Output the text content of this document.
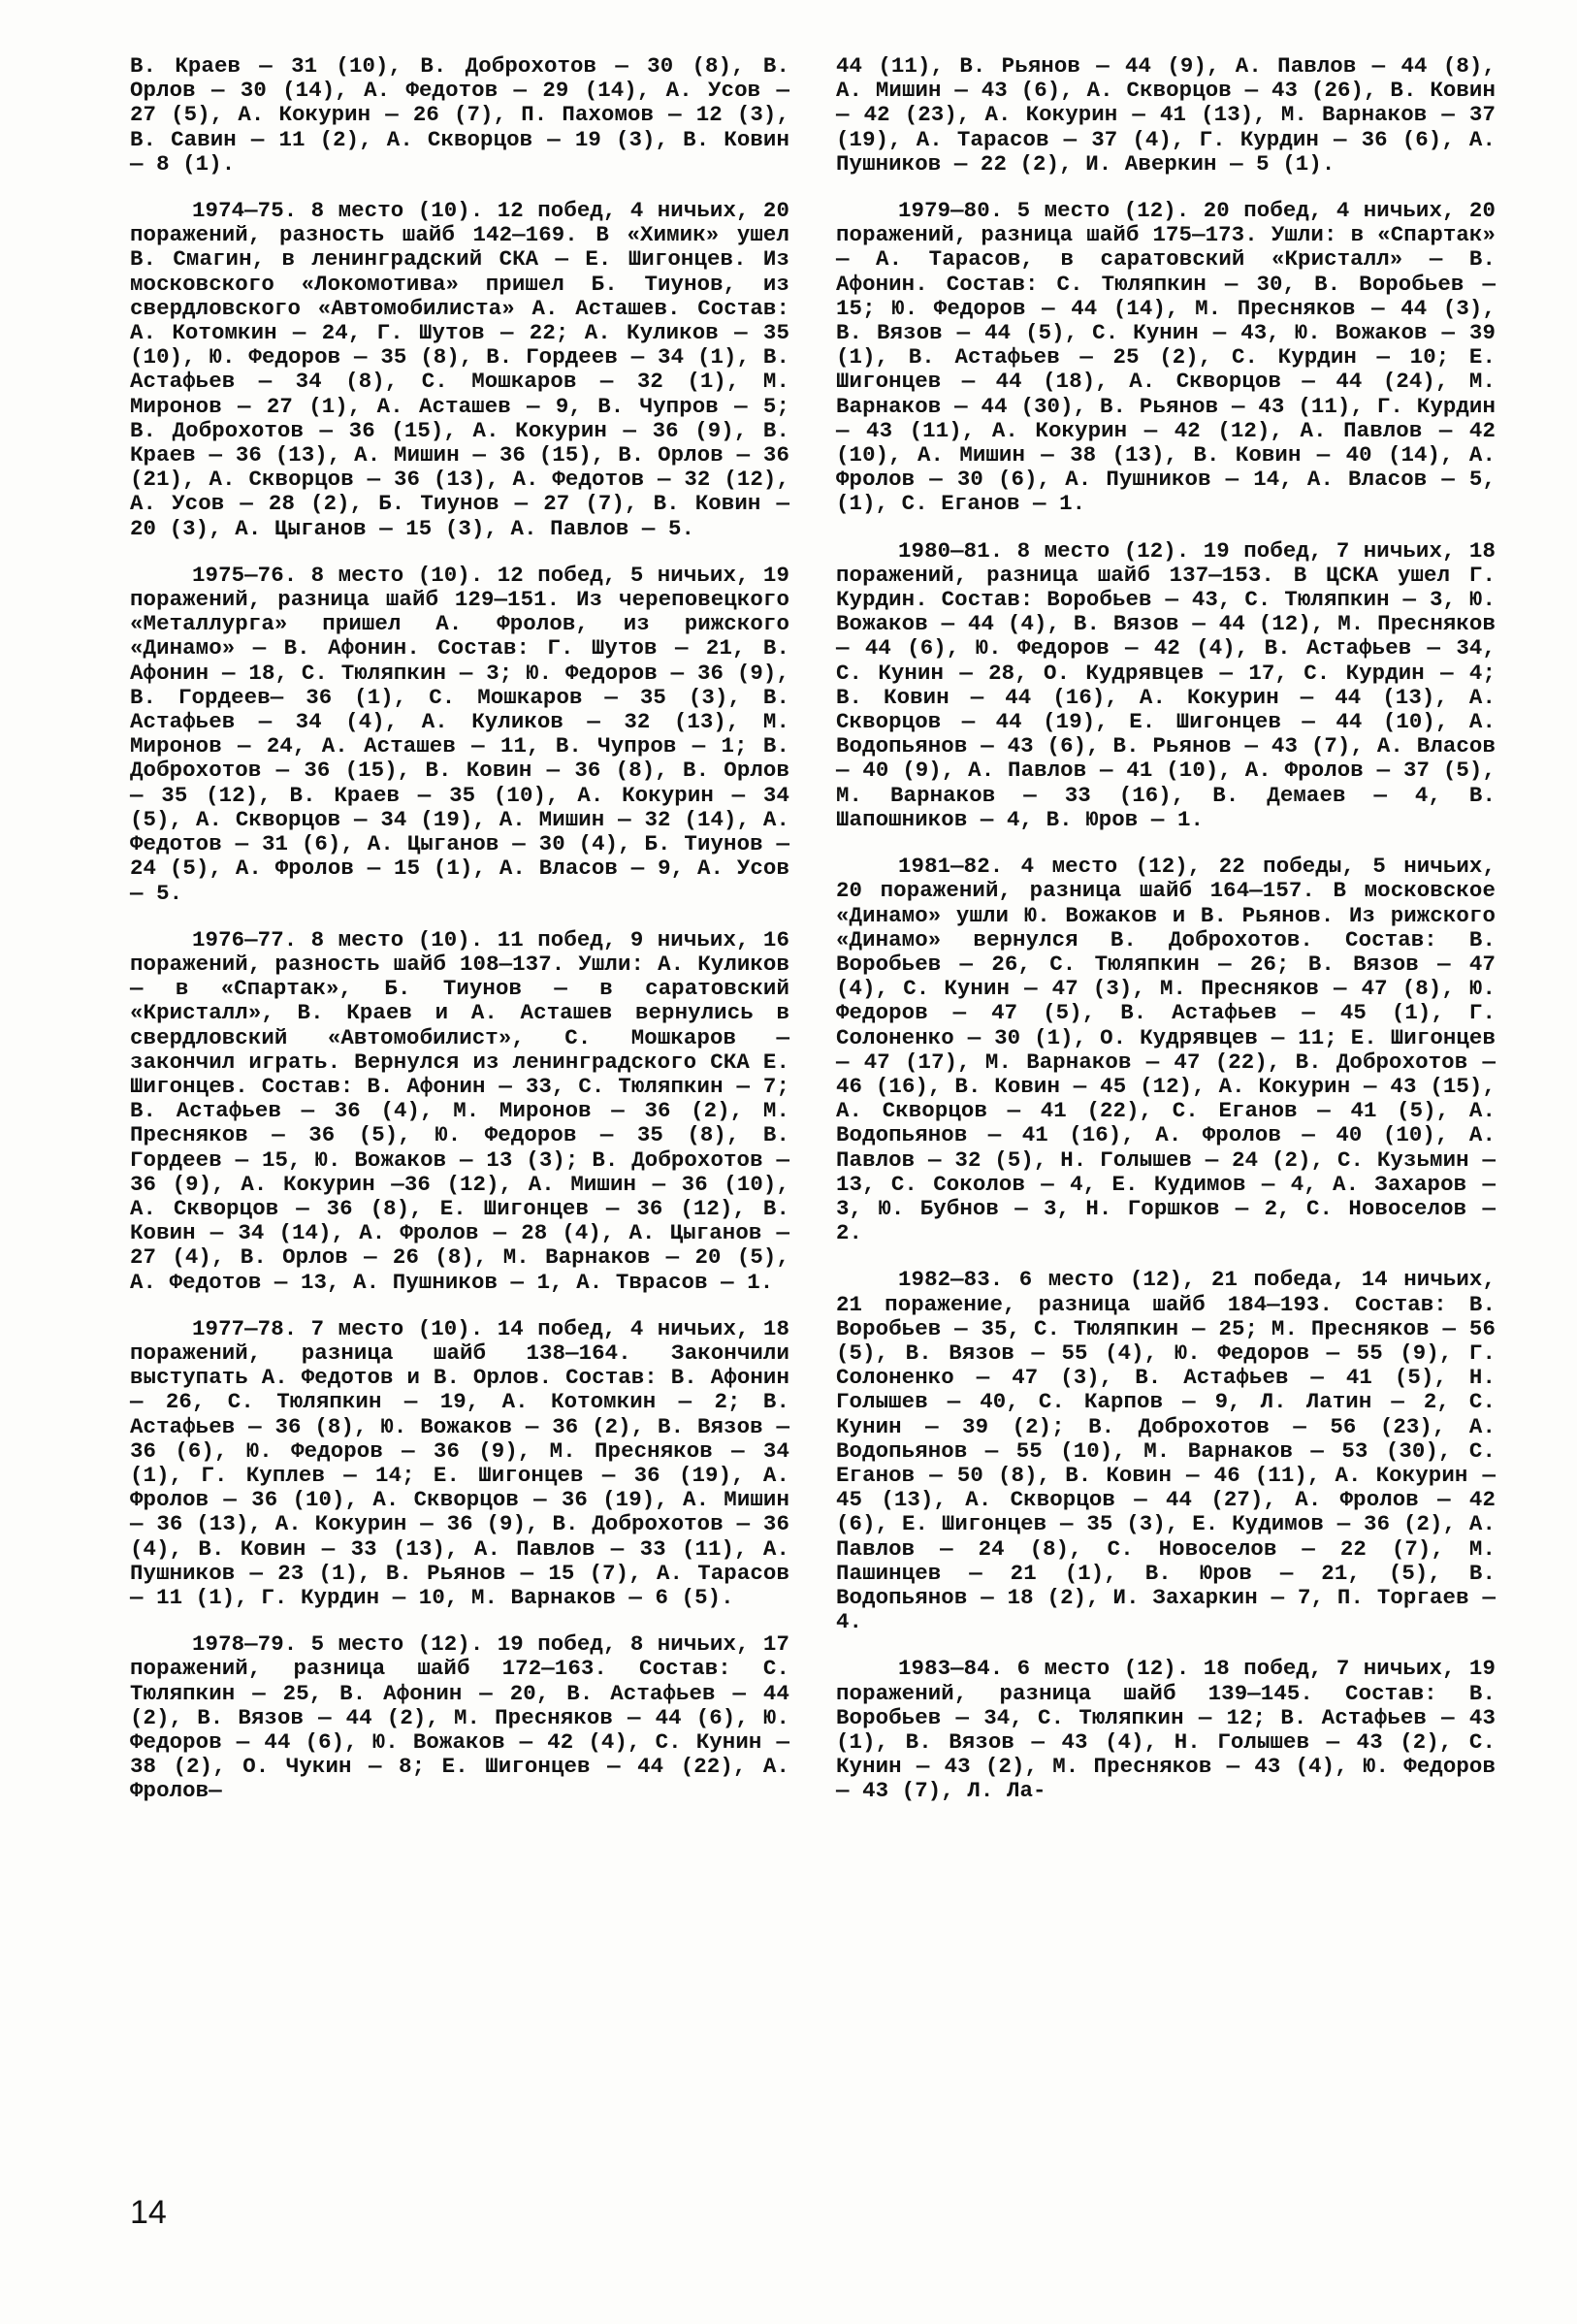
В. Краев — 31 (10), В. Доброхотов — 30 (8), В. Орлов — 30 (14), А. Федотов — 29 (14), А. Усов — 27 (5), А. Кокурин — 26 (7), П. Пахомов — 12 (3), В. Савин — 11 (2), А. Скворцов — 19 (3), В. Ковин — 8 (1).

1974—75. 8 место (10). 12 побед, 4 ничьих, 20 поражений, разность шайб 142—169. В «Химик» ушел В. Смагин, в ленинградский СКА — Е. Шигонцев. Из московского «Локомотива» пришел Б. Тиунов, из свердловского «Автомобилиста» А. Асташев. Состав: А. Котомкин — 24, Г. Шутов — 22; А. Куликов — 35 (10), Ю. Федоров — 35 (8), В. Гордеев — 34 (1), В. Астафьев — 34 (8), С. Мошкаров — 32 (1), М. Миронов — 27 (1), А. Асташев — 9, В. Чупров — 5; В. Доброхотов — 36 (15), А. Кокурин — 36 (9), В. Краев — 36 (13), А. Мишин — 36 (15), В. Орлов — 36 (21), А. Скворцов — 36 (13), А. Федотов — 32 (12), А. Усов — 28 (2), Б. Тиунов — 27 (7), В. Ковин — 20 (3), А. Цыганов — 15 (3), А. Павлов — 5.

1975—76. 8 место (10). 12 побед, 5 ничьих, 19 поражений, разница шайб 129—151. Из череповецкого «Металлурга» пришел А. Фролов, из рижского «Динамо» — В. Афонин. Состав: Г. Шутов — 21, В. Афонин — 18, С. Тюляпкин — 3; Ю. Федоров — 36 (9), В. Гордеев— 36 (1), С. Мошкаров — 35 (3), В. Астафьев — 34 (4), А. Куликов — 32 (13), М. Миронов — 24, А. Асташев — 11, В. Чупров — 1; В. Доброхотов — 36 (15), В. Ковин — 36 (8), В. Орлов — 35 (12), В. Краев — 35 (10), А. Кокурин — 34 (5), А. Скворцов — 34 (19), А. Мишин — 32 (14), А. Федотов — 31 (6), А. Цыганов — 30 (4), Б. Тиунов — 24 (5), А. Фролов — 15 (1), А. Власов — 9, А. Усов — 5.

1976—77. 8 место (10). 11 побед, 9 ничьих, 16 поражений, разность шайб 108—137. Ушли: А. Куликов — в «Спартак», Б. Тиунов — в саратовский «Кристалл», В. Краев и А. Асташев вернулись в свердловский «Автомобилист», С. Мошкаров — закончил играть. Вернулся из ленинградского СКА Е. Шигонцев. Состав: В. Афонин — 33, С. Тюляпкин — 7; В. Астафьев — 36 (4), М. Миронов — 36 (2), М. Пресняков — 36 (5), Ю. Федоров — 35 (8), В. Гордеев — 15, Ю. Вожаков — 13 (3); В. Доброхотов — 36 (9), А. Кокурин —36 (12), А. Мишин — 36 (10), А. Скворцов — 36 (8), Е. Шигонцев — 36 (12), В. Ковин — 34 (14), А. Фролов — 28 (4), А. Цыганов — 27 (4), В. Орлов — 26 (8), М. Варнаков — 20 (5), А. Федотов — 13, А. Пушников — 1, А. Тврасов — 1.

1977—78. 7 место (10). 14 побед, 4 ничьих, 18 поражений, разница шайб 138—164. Закончили выступать А. Федотов и В. Орлов. Состав: В. Афонин — 26, С. Тюляпкин — 19, А. Котомкин — 2; В. Астафьев — 36 (8), Ю. Вожаков — 36 (2), В. Вязов — 36 (6), Ю. Федоров — 36 (9), М. Пресняков — 34 (1), Г. Куплев — 14; Е. Шигонцев — 36 (19), А. Фролов — 36 (10), А. Скворцов — 36 (19), А. Мишин — 36 (13), А. Кокурин — 36 (9), В. Доброхотов — 36 (4), В. Ковин — 33 (13), А. Павлов — 33 (11), А. Пушников — 23 (1), В. Рьянов — 15 (7), А. Тарасов — 11 (1), Г. Курдин — 10, М. Варнаков — 6 (5).

1978—79. 5 место (12). 19 побед, 8 ничьих, 17 поражений, разница шайб 172—163. Состав: С. Тюляпкин — 25, В. Афонин — 20, В. Астафьев — 44 (2), В. Вязов — 44 (2), М. Пресняков — 44 (6), Ю. Федоров — 44 (6), Ю. Вожаков — 42 (4), С. Кунин — 38 (2), О. Чукин — 8; Е. Шигонцев — 44 (22), А. Фролов—

44 (11), В. Рьянов — 44 (9), А. Павлов — 44 (8), А. Мишин — 43 (6), А. Скворцов — 43 (26), В. Ковин — 42 (23), А. Кокурин — 41 (13), М. Варнаков — 37 (19), А. Тарасов — 37 (4), Г. Курдин — 36 (6), А. Пушников — 22 (2), И. Аверкин — 5 (1).

1979—80. 5 место (12). 20 побед, 4 ничьих, 20 поражений, разница шайб 175—173. Ушли: в «Спартак» — А. Тарасов, в саратовский «Кристалл» — В. Афонин. Состав: С. Тюляпкин — 30, В. Воробьев — 15; Ю. Федоров — 44 (14), М. Пресняков — 44 (3), В. Вязов — 44 (5), С. Кунин — 43, Ю. Вожаков — 39 (1), В. Астафьев — 25 (2), С. Курдин — 10; Е. Шигонцев — 44 (18), А. Скворцов — 44 (24), М. Варнаков — 44 (30), В. Рьянов — 43 (11), Г. Курдин — 43 (11), А. Кокурин — 42 (12), А. Павлов — 42 (10), А. Мишин — 38 (13), В. Ковин — 40 (14), А. Фролов — 30 (6), А. Пушников — 14, А. Власов — 5, (1), С. Еганов — 1.

1980—81. 8 место (12). 19 побед, 7 ничьих, 18 поражений, разница шайб 137—153. В ЦСКА ушел Г. Курдин. Состав: Воробьев — 43, С. Тюляпкин — 3, Ю. Вожаков — 44 (4), В. Вязов — 44 (12), М. Пресняков — 44 (6), Ю. Федоров — 42 (4), В. Астафьев — 34, С. Кунин — 28, О. Кудрявцев — 17, С. Курдин — 4; В. Ковин — 44 (16), А. Кокурин — 44 (13), А. Скворцов — 44 (19), Е. Шигонцев — 44 (10), А. Водопьянов — 43 (6), В. Рьянов — 43 (7), А. Власов — 40 (9), А. Павлов — 41 (10), А. Фролов — 37 (5), М. Варнаков — 33 (16), В. Демаев — 4, В. Шапошников — 4, В. Юров — 1.

1981—82. 4 место (12), 22 победы, 5 ничьих, 20 поражений, разница шайб 164—157. В московское «Динамо» ушли Ю. Вожаков и В. Рьянов. Из рижского «Динамо» вернулся В. Доброхотов. Состав: В. Воробьев — 26, С. Тюляпкин — 26; В. Вязов — 47 (4), С. Кунин — 47 (3), М. Пресняков — 47 (8), Ю. Федоров — 47 (5), В. Астафьев — 45 (1), Г. Солоненко — 30 (1), О. Кудрявцев — 11; Е. Шигонцев — 47 (17), М. Варнаков — 47 (22), В. Доброхотов — 46 (16), В. Ковин — 45 (12), А. Кокурин — 43 (15), А. Скворцов — 41 (22), С. Еганов — 41 (5), А. Водопьянов — 41 (16), А. Фролов — 40 (10), А. Павлов — 32 (5), Н. Голышев — 24 (2), С. Кузьмин — 13, С. Соколов — 4, Е. Кудимов — 4, А. Захаров — 3, Ю. Бубнов — 3, Н. Горшков — 2, С. Новоселов — 2.

1982—83. 6 место (12), 21 победа, 14 ничьих, 21 поражение, разница шайб 184—193. Состав: В. Воробьев — 35, С. Тюляпкин — 25; М. Пресняков — 56 (5), В. Вязов — 55 (4), Ю. Федоров — 55 (9), Г. Солоненко — 47 (3), В. Астафьев — 41 (5), Н. Голышев — 40, С. Карпов — 9, Л. Латин — 2, С. Кунин — 39 (2); В. Доброхотов — 56 (23), А. Водопьянов — 55 (10), М. Варнаков — 53 (30), С. Еганов — 50 (8), В. Ковин — 46 (11), А. Кокурин — 45 (13), А. Скворцов — 44 (27), А. Фролов — 42 (6), Е. Шигонцев — 35 (3), Е. Кудимов — 36 (2), А. Павлов — 24 (8), С. Новоселов — 22 (7), М. Пашинцев — 21 (1), В. Юров — 21, (5), В. Водопьянов — 18 (2), И. Захаркин — 7, П. Торгаев — 4.

1983—84. 6 место (12). 18 побед, 7 ничьих, 19 поражений, разница шайб 139—145. Состав: В. Воробьев — 34, С. Тюляпкин — 12; В. Астафьев — 43 (1), В. Вязов — 43 (4), Н. Голышев — 43 (2), С. Кунин — 43 (2), М. Пресняков — 43 (4), Ю. Федоров — 43 (7), Л. Ла-

14
